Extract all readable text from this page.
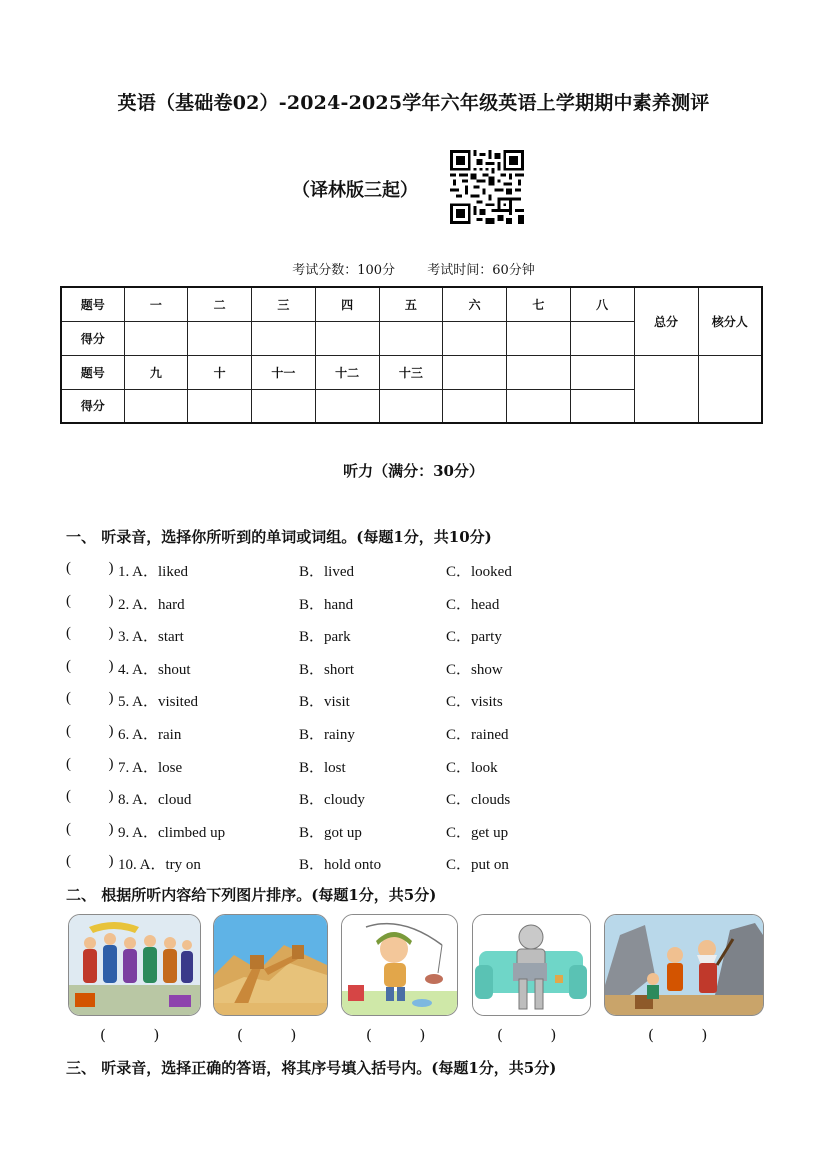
英语（基础卷02）-2024-2025学年六年级英语上学期期中素养测评
（译林版三起）
考试分数：100分 考试时间：60分钟
题号	一	二	三	四	五	六	七	八	总分	核分人
得分										
题号	九	十	十一	十二	十三					
得分										
听力（满分：30分）
一、 听录音，选择你所听到的单词或词组。(每题1分，共10分)
(          ) 1. A．liked	B．lived	C．looked
(          ) 2. A．hard	B．hand	C．head
(          ) 3. A．start	B．park	C．party
(          ) 4. A．shout	B．short	C．show
(          ) 5. A．visited	B．visit	C．visits
(          ) 6. A．rain	B．rainy	C．rained
(          ) 7. A．lose	B．lost	C．look
(          ) 8. A．cloud	B．cloudy	C．clouds
(          ) 9. A．climbed up	B．got up	C．get up
(          ) 10. A．try on	B．hold onto	C．put on
二、 根据所听内容给下列图片排序。(每题1分，共5分)
(          )	(          )	(          )	(          )	(          )
三、 听录音，选择正确的答语，将其序号填入括号内。(每题1分，共5分)
